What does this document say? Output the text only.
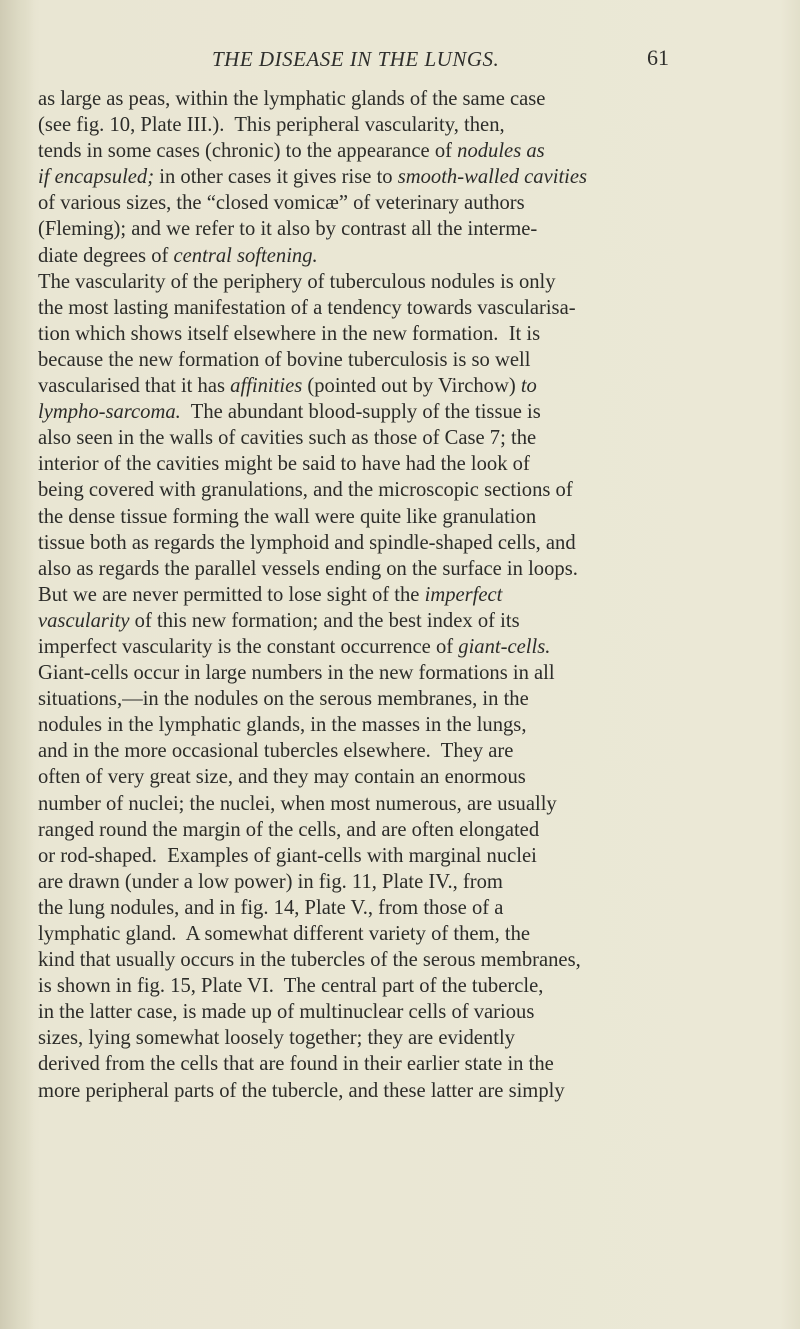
THE DISEASE IN THE LUNGS.	61
as large as peas, within the lymphatic glands of the same case
(see fig. 10, Plate III.).  This peripheral vascularity, then,
tends in some cases (chronic) to the appearance of nodules as
if encapsuled; in other cases it gives rise to smooth-walled cavities
of various sizes, the “closed vomicæ” of veterinary authors
(Fleming); and we refer to it also by contrast all the interme-
diate degrees of central softening.
The vascularity of the periphery of tuberculous nodules is only
the most lasting manifestation of a tendency towards vascularisa-
tion which shows itself elsewhere in the new formation.  It is
because the new formation of bovine tuberculosis is so well
vascularised that it has affinities (pointed out by Virchow) to
lympho-sarcoma.  The abundant blood-supply of the tissue is
also seen in the walls of cavities such as those of Case 7; the
interior of the cavities might be said to have had the look of
being covered with granulations, and the microscopic sections of
the dense tissue forming the wall were quite like granulation
tissue both as regards the lymphoid and spindle-shaped cells, and
also as regards the parallel vessels ending on the surface in loops.
But we are never permitted to lose sight of the imperfect
vascularity of this new formation; and the best index of its
imperfect vascularity is the constant occurrence of giant-cells.
Giant-cells occur in large numbers in the new formations in all
situations,—in the nodules on the serous membranes, in the
nodules in the lymphatic glands, in the masses in the lungs,
and in the more occasional tubercles elsewhere.  They are
often of very great size, and they may contain an enormous
number of nuclei; the nuclei, when most numerous, are usually
ranged round the margin of the cells, and are often elongated
or rod-shaped.  Examples of giant-cells with marginal nuclei
are drawn (under a low power) in fig. 11, Plate IV., from
the lung nodules, and in fig. 14, Plate V., from those of a
lymphatic gland.  A somewhat different variety of them, the
kind that usually occurs in the tubercles of the serous membranes,
is shown in fig. 15, Plate VI.  The central part of the tubercle,
in the latter case, is made up of multinuclear cells of various
sizes, lying somewhat loosely together; they are evidently
derived from the cells that are found in their earlier state in the
more peripheral parts of the tubercle, and these latter are simply
